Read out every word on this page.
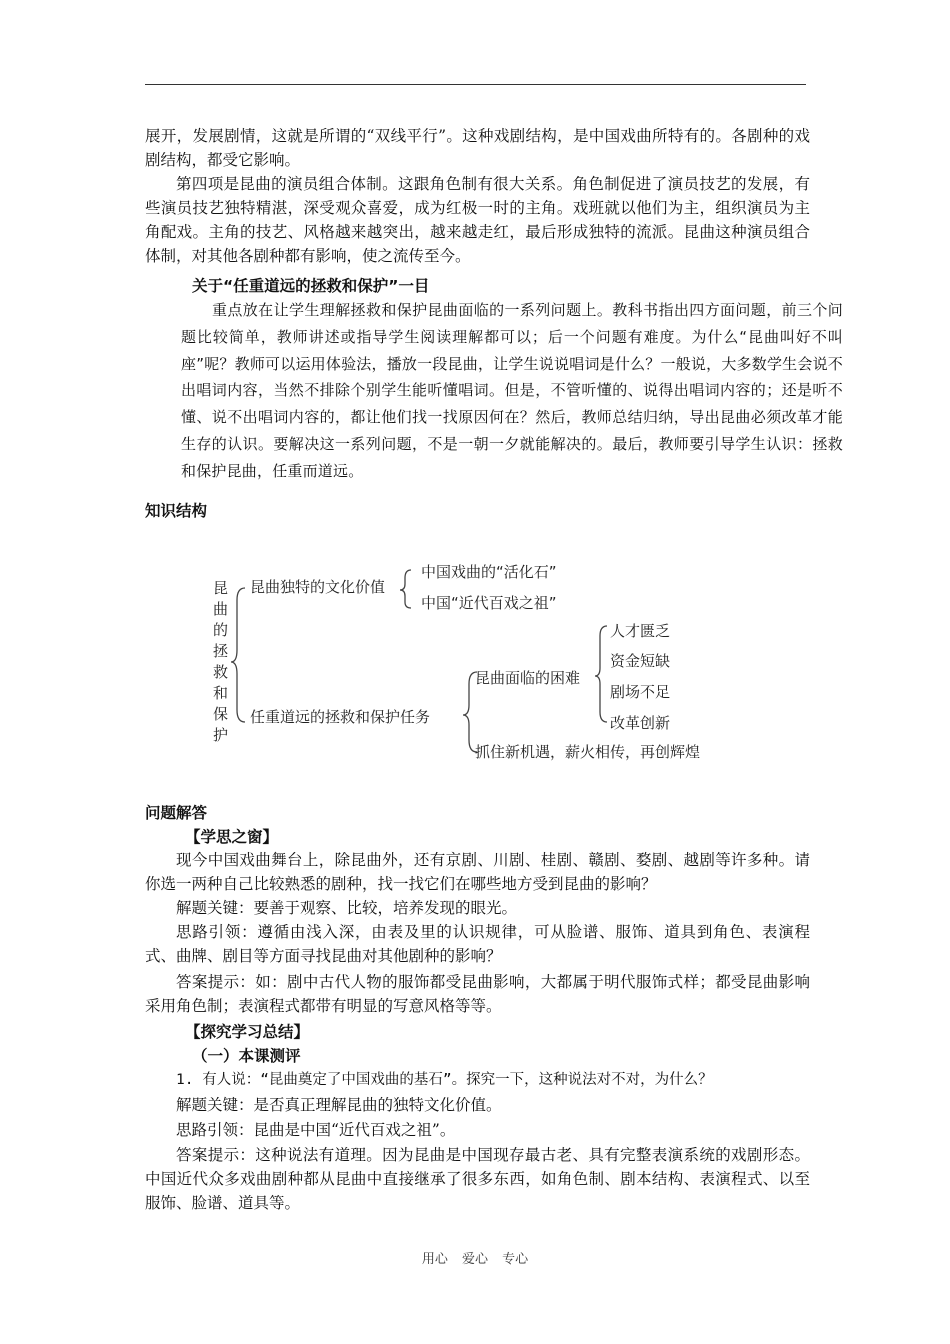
展开，发展剧情，这就是所谓的“双线平行”。这种戏剧结构，是中国戏曲所特有的。各剧种的戏剧结构，都受它影响。

第四项是昆曲的演员组合体制。这跟角色制有很大关系。角色制促进了演员技艺的发展，有些演员技艺独特精湛，深受观众喜爱，成为红极一时的主角。戏班就以他们为主，组织演员为主角配戏。主角的技艺、风格越来越突出，越来越走红，最后形成独特的流派。昆曲这种演员组合体制，对其他各剧种都有影响，使之流传至今。

关于“任重道远的拯救和保护”一目

重点放在让学生理解拯救和保护昆曲面临的一系列问题上。教科书指出四方面问题，前三个问题比较简单，教师讲述或指导学生阅读理解都可以；后一个问题有难度。为什么“昆曲叫好不叫座”呢？教师可以运用体验法，播放一段昆曲，让学生说说唱词是什么？一般说，大多数学生会说不出唱词内容，当然不排除个别学生能听懂唱词。但是，不管听懂的、说得出唱词内容的；还是听不懂、说不出唱词内容的，都让他们找一找原因何在？然后，教师总结归纳，导出昆曲必须改革才能生存的认识。要解决这一系列问题，不是一朝一夕就能解决的。最后，教师要引导学生认识：拯救和保护昆曲，任重而道远。

知识结构

昆
曲
的
拯
救
和
保
护
昆曲独特的文化价值
中国戏曲的“活化石”
中国“近代百戏之祖”
任重道远的拯救和保护任务
昆曲面临的困难
人才匮乏
资金短缺
剧场不足
改革创新
抓住新机遇，薪火相传，再创辉煌

问题解答

【学思之窗】

现今中国戏曲舞台上，除昆曲外，还有京剧、川剧、桂剧、赣剧、婺剧、越剧等许多种。请你选一两种自己比较熟悉的剧种，找一找它们在哪些地方受到昆曲的影响？

解题关键：要善于观察、比较，培养发现的眼光。

思路引领：遵循由浅入深，由表及里的认识规律，可从脸谱、服饰、道具到角色、表演程式、曲牌、剧目等方面寻找昆曲对其他剧种的影响？

答案提示：如：剧中古代人物的服饰都受昆曲影响，大都属于明代服饰式样；都受昆曲影响采用角色制；表演程式都带有明显的写意风格等等。

【探究学习总结】

（一）本课测评

1. 有人说：“昆曲奠定了中国戏曲的基石”。探究一下，这种说法对不对，为什么？

解题关键：是否真正理解昆曲的独特文化价值。

思路引领：昆曲是中国“近代百戏之祖”。

答案提示：这种说法有道理。因为昆曲是中国现存最古老、具有完整表演系统的戏剧形态。中国近代众多戏曲剧种都从昆曲中直接继承了很多东西，如角色制、剧本结构、表演程式、以至服饰、脸谱、道具等。

用心 爱心 专心
